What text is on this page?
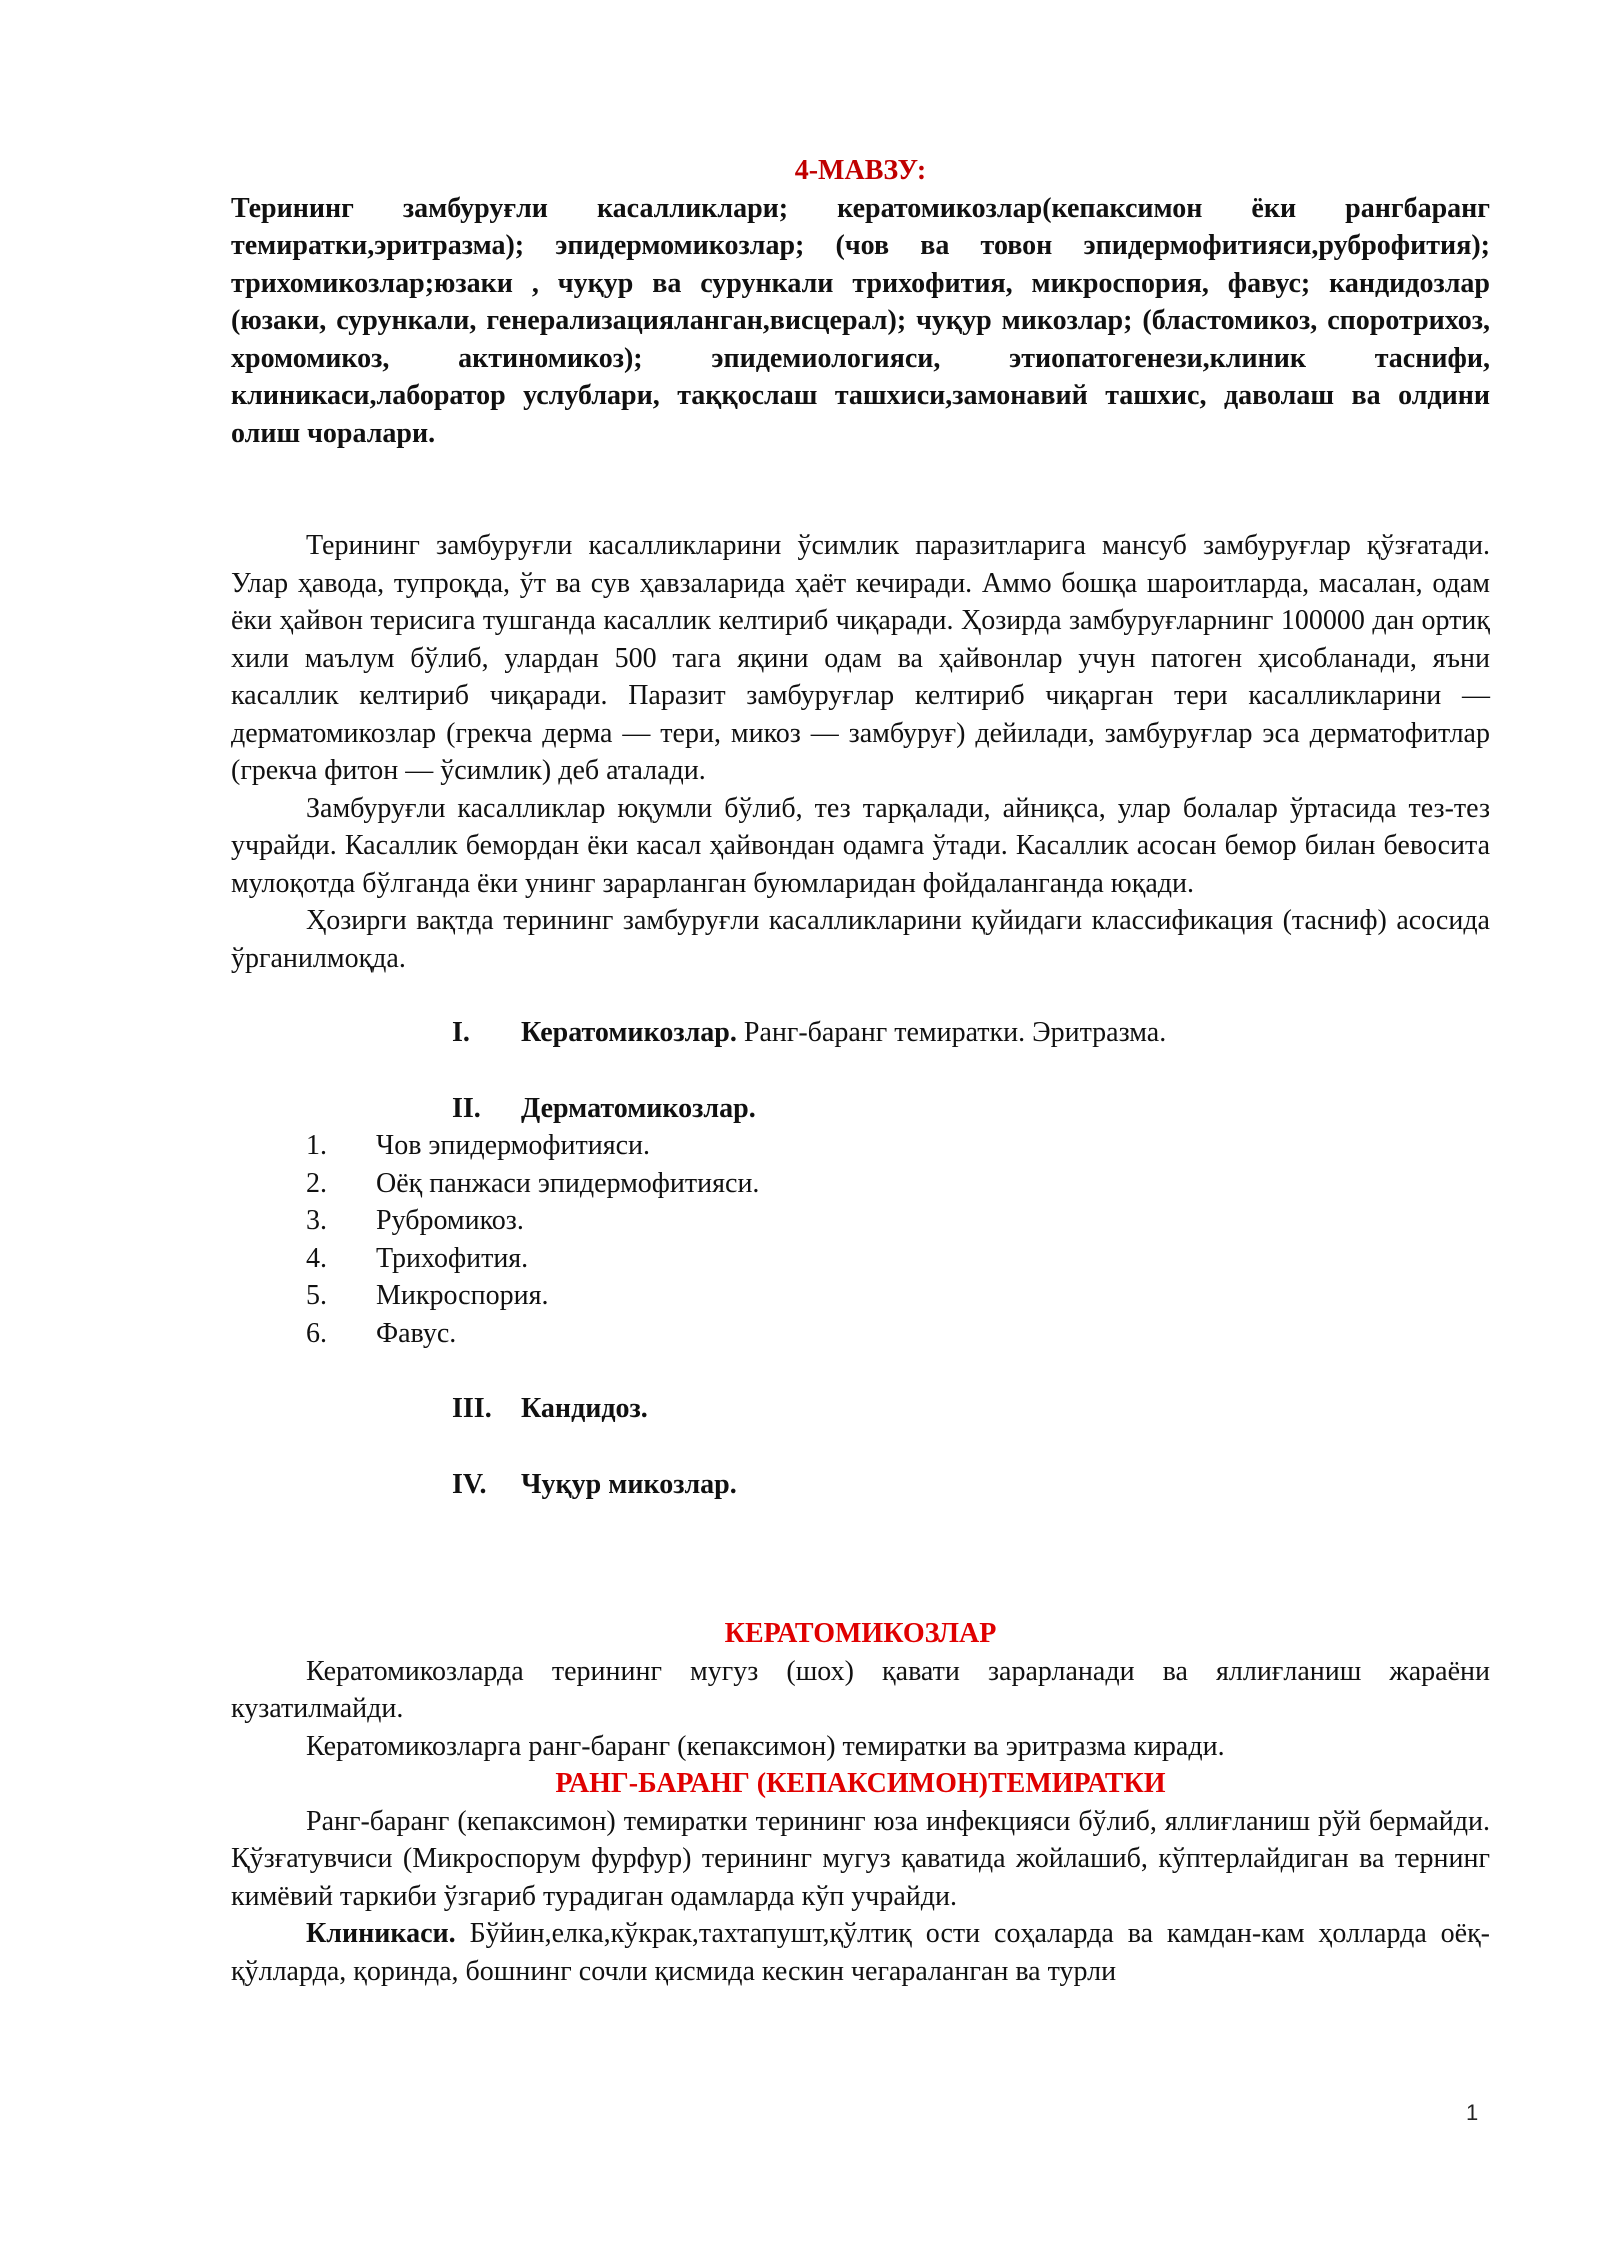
4-МАВЗУ:

Терининг замбуруғли касалликлари; кератомикозлар(кепаксимон ёки рангбаранг темиратки,эритразма); эпидермомикозлар; (чов ва товон эпидермофитияси,руброфития); трихомикозлар;юзаки , чуқур ва сурункали трихофития, микроспория, фавус; кандидозлар (юзаки, сурункали, генерализацияланган,висцерал); чуқур микозлар; (бластомикоз, споротрихоз, хромомикоз, актиномикоз); эпидемиологияси, этиопатогенези,клиник таснифи, клиникаси,лаборатор услублари, таққослаш ташхиси,замонавий ташхис, даволаш ва олдини олиш чоралари.

Терининг замбуруғли касалликларини ўсимлик паразитларига мансуб замбуруғлар қўзғатади. Улар ҳавода, тупроқда, ўт ва сув ҳавзаларида ҳаёт кечиради. Аммо бошқа шароитларда, масалан, одам ёки ҳайвон терисига тушганда касаллик келтириб чиқаради. Ҳозирда замбуруғларнинг 100000 дан ортиқ хили маълум бўлиб, улардан 500 тага яқини одам ва ҳайвонлар учун патоген ҳисобланади, яъни касаллик келтириб чиқаради. Паразит замбуруғлар келтириб чиқарган тери касалликларини — дерматомикозлар (грекча дерма — тери, микоз — замбуруғ) дейилади, замбуруғлар эса дерматофитлар (грекча фитон — ўсимлик) деб аталади.

Замбуруғли касалликлар юқумли бўлиб, тез тарқалади, айниқса, улар болалар ўртасида тез-тез учрайди. Касаллик бемордан ёки касал ҳайвондан одамга ўтади. Касаллик асосан бемор билан бевосита мулоқотда бўлганда ёки унинг зарарланган буюмларидан фойдаланганда юқади.

Ҳозирги вақтда терининг замбуруғли касалликларини қуйидаги классификация (тасниф) асосида ўрганилмоқда.

I. Кератомикозлар. Ранг-баранг темиратки. Эритразма.
II. Дерматомикозлар.
1. Чов эпидермофитияси.
2. Оёқ панжаси эпидермофитияси.
3. Рубромикоз.
4. Трихофития.
5. Микроспория.
6. Фавус.
III. Кандидоз.
IV. Чуқур микозлар.

КЕРАТОМИКОЗЛАР

Кератомикозларда терининг мугуз (шох) қавати зарарланади ва яллиғланиш жараёни кузатилмайди.

Кератомикозларга ранг-баранг (кепаксимон) темиратки ва эритразма киради.

РАНГ-БАРАНГ (КЕПАКСИМОН)ТЕМИРАТКИ

Ранг-баранг (кепаксимон) темиратки терининг юза инфекцияси бўлиб, яллиғланиш рўй бермайди. Қўзғатувчиси (Микроспорум фурфур) терининг мугуз қаватида жойлашиб, кўптерлайдиган ва тернинг кимёвий таркиби ўзгариб турадиган одамларда кўп учрайди.

Клиникаси. Бўйин,елка,кўкрак,тахтапушт,қўлтиқ ости соҳаларда ва камдан-кам ҳолларда оёқ-қўлларда, қоринда, бошнинг сочли қисмида кескин чегараланган ва турли

1
